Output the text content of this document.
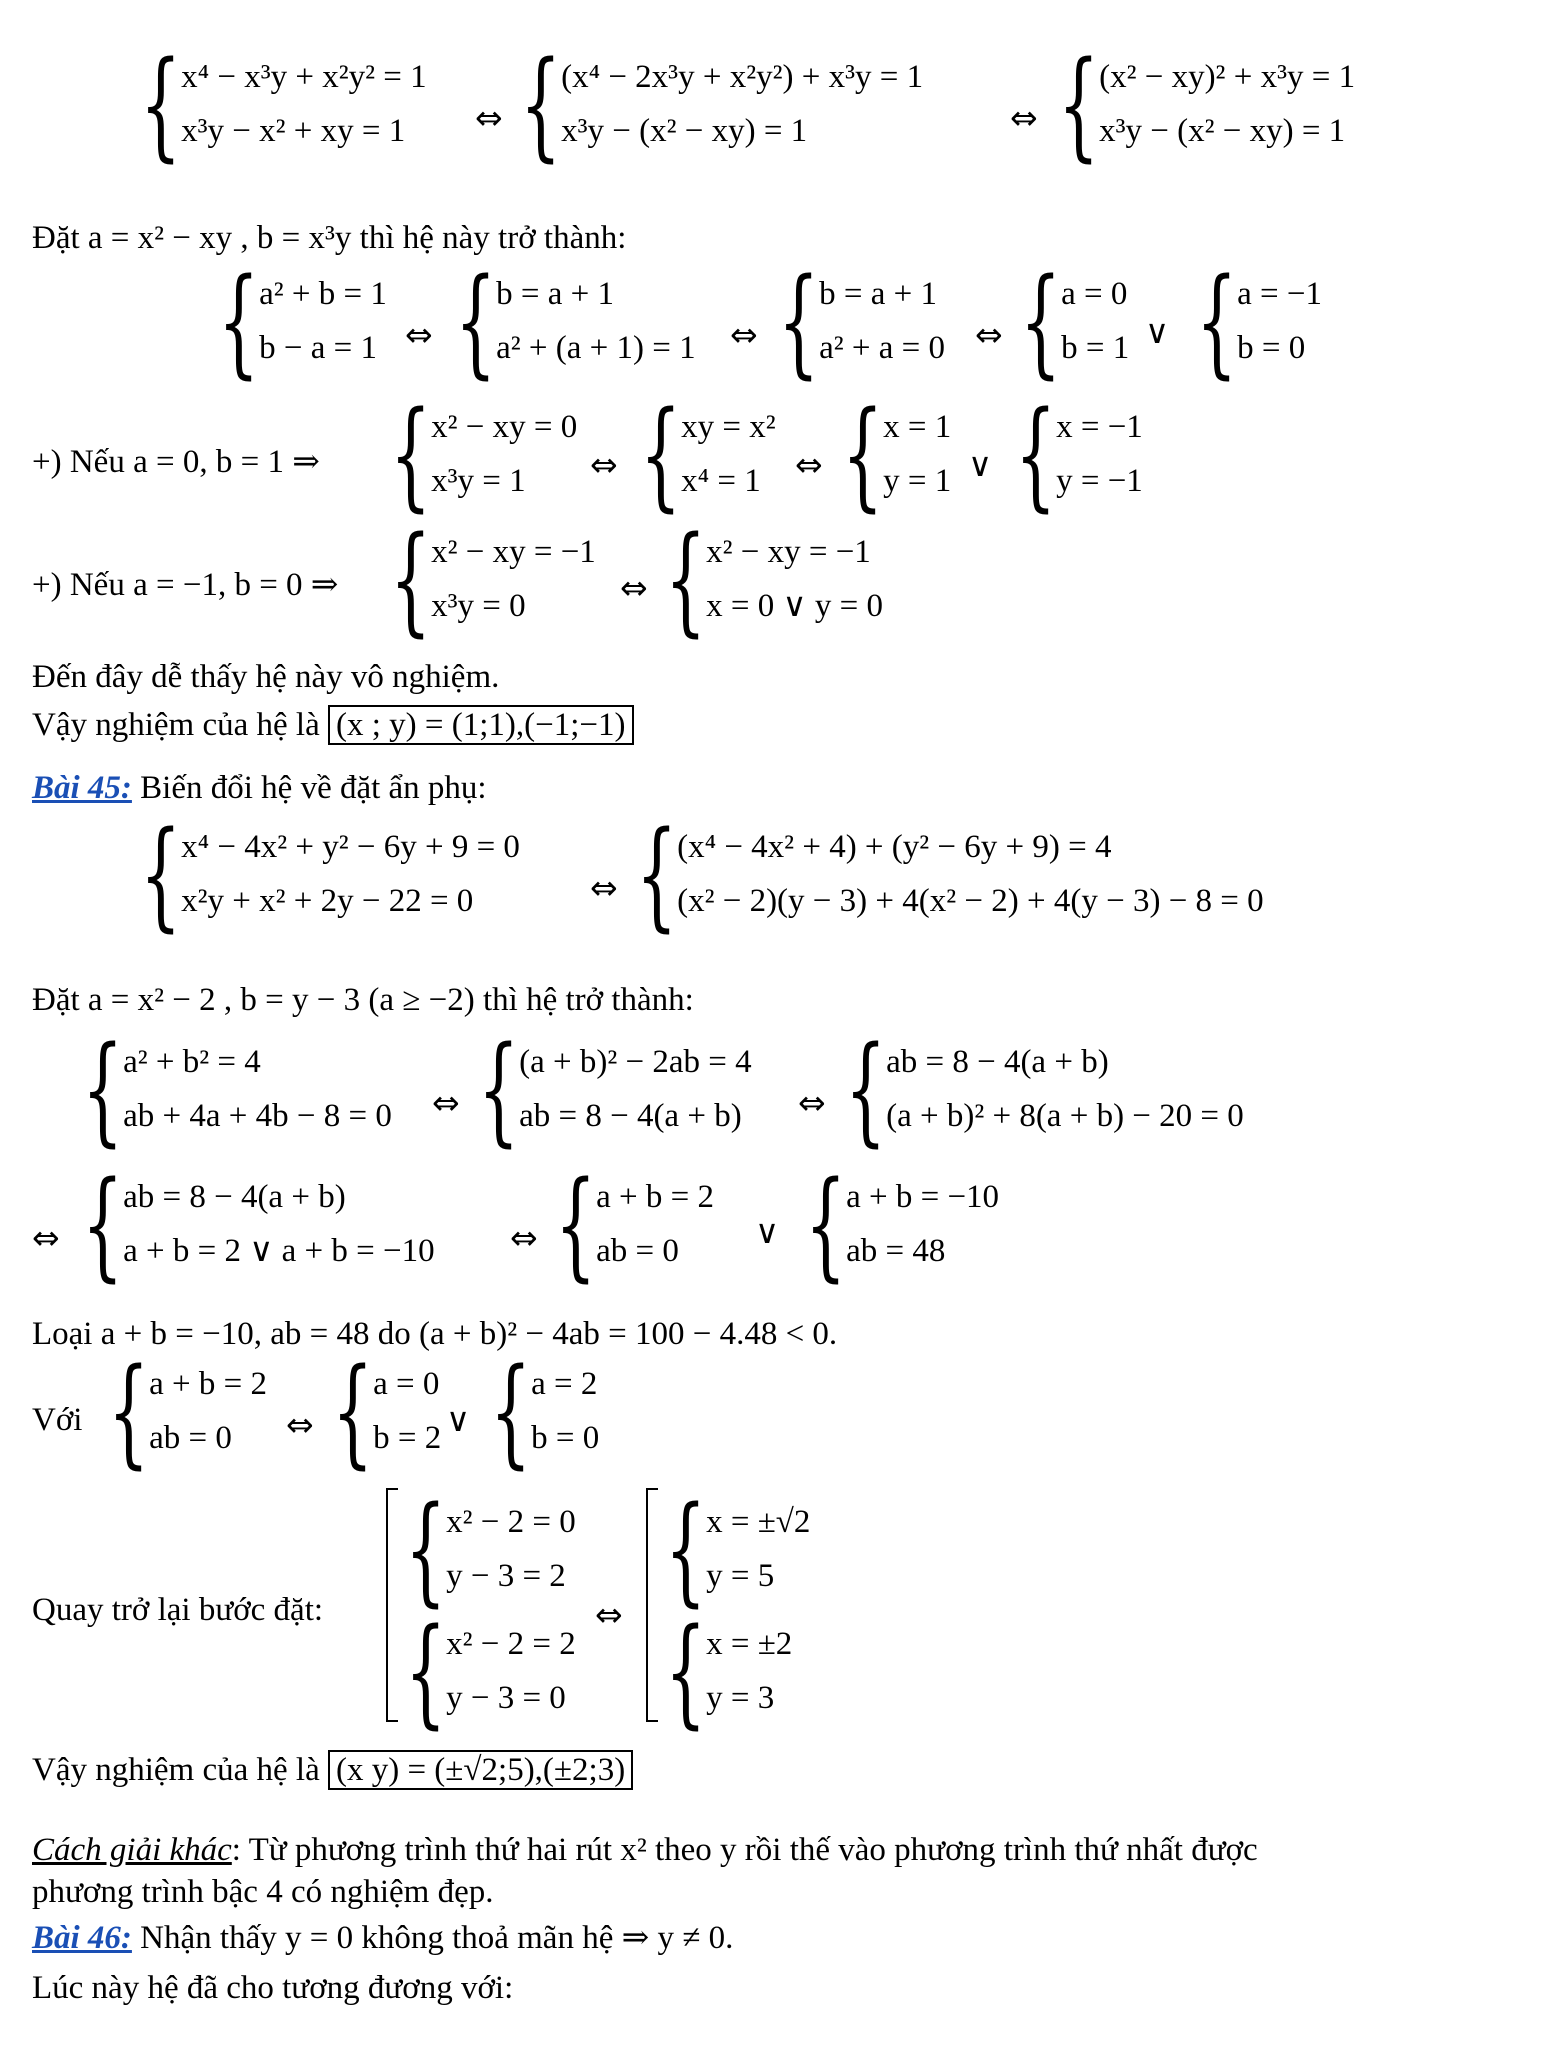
{ x⁴ − x³y + x²y² = 1
x³y − x² + xy = 1	⇔ { (x⁴ − 2x³y + x²y²) + x³y = 1
x³y − (x² − xy) = 1	⇔ { (x² − xy)² + x³y = 1
x³y − (x² − xy) = 1
Đặt a = x² − xy , b = x³y thì hệ này trở thành:
{ a² + b = 1
b − a = 1 ⇔ { b = a + 1
a² + (a + 1) = 1 ⇔ { b = a + 1
a² + a = 0 ⇔ { a = 0
b = 1 ∨ { a = −1
b = 0
+) Nếu a = 0, b = 1 ⇒ { x² − xy = 0
x³y = 1	⇔ { xy = x²
x⁴ = 1	⇔ { x = 1
y = 1 ∨ { x = −1
y = −1
+) Nếu a = −1, b = 0 ⇒ { x² − xy = −1
x³y = 0	⇔ { x² − xy = −1
x = 0 ∨ y = 0
Đến đây dễ thấy hệ này vô nghiệm.
Vậy nghiệm của hệ là (x ; y) = (1;1),(−1;−1)
Bài 45: Biến đổi hệ về đặt ẩn phụ:
{ x⁴ − 4x² + y² − 6y + 9 = 0
x²y + x² + 2y − 22 = 0	⇔ { (x⁴ − 4x² + 4) + (y² − 6y + 9) = 4
(x² − 2)(y − 3) + 4(x² − 2) + 4(y − 3) − 8 = 0
Đặt a = x² − 2 , b = y − 3 (a ≥ −2) thì hệ trở thành:
{ a² + b² = 4
ab + 4a + 4b − 8 = 0 ⇔ { (a + b)² − 2ab = 4
ab = 8 − 4(a + b) ⇔ { ab = 8 − 4(a + b)
(a + b)² + 8(a + b) − 20 = 0
⇔ { ab = 8 − 4(a + b)
a + b = 2 ∨ a + b = −10 ⇔ { a + b = 2
ab = 0	∨ { a + b = −10
ab = 48
Loại a + b = −10, ab = 48 do (a + b)² − 4ab = 100 − 4.48 < 0.
Với { a + b = 2
ab = 0	⇔ { a = 0
b = 2 ∨ { a = 2
b = 0
Quay trở lại bước đặt: { x² − 2 = 0
y − 3 = 2
{ x² − 2 = 2
y − 3 = 0
⇔ { x = ±√2
y = 5
{ x = ±2
y = 3
Vậy nghiệm của hệ là (x y) = (±√2;5),(±2;3)
Cách giải khác: Từ phương trình thứ hai rút x² theo y rồi thế vào phương trình thứ nhất được
phương trình bậc 4 có nghiệm đẹp.
Bài 46: Nhận thấy y = 0 không thoả mãn hệ ⇒ y ≠ 0.
Lúc này hệ đã cho tương đương với:
